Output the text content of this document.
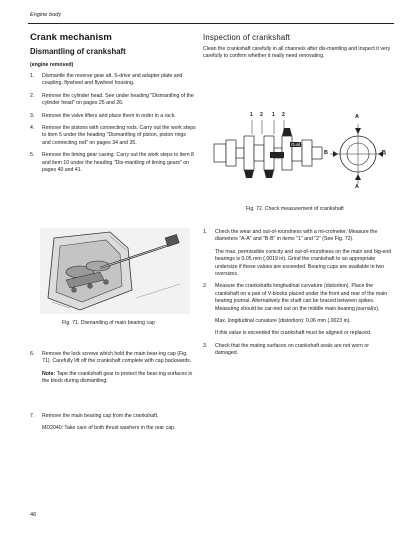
Engine body
Crank mechanism
Dismantling of crankshaft
(engine removed)
1.	Dismantle the reverse gear alt. S-drive and adapter plate and coupling, flywheel and flywheel housing.
2.	Remove the cylinder head. See under heading "Dismantling of the cylinder head" on pages 25 and 26.
3.	Remove the valve lifters and place them in order in a rack.
4.	Remove the pistons with connecting rods. Carry out the work steps to item 5 under the heading "Dismantling of piston, piston rings and connecting rod" on pages 34 and 35.
5.	Remove the timing gear casing. Carry out the work steps to item 8 and item 10 under the heading "Dis-mantling of timing gears" on pages 40 and 41.
Fig. 71. Dismantling of main bearing cap
6.	Remove the lock screws which hold the main bear-ing cap (Fig. 71). Carefully lift off the crankshaft complete with cap backwards.
Note: Tape the crankshaft gear to protect the bear-ing surfaces in the block during dismantling.
7.	Remove the main bearing cap from the crankshaft.
MD2040: Take care of both thrust washers in the rear cap.
Inspection of crankshaft
Clean the crankshaft carefully in all channels after dis-mantling and inspect it very carefully to confirm whether it really need renovating.
1 2 1 2	A
A
B	B
Guid
Fig. 72. Check measurement of crankshaft
1.	Check the wear and out-of-roundness with a mi-crometer. Measure the diameters "A-A" and "B-B" in items "1" and "2" (See Fig. 72).
The max. permissible conicity and out-of-roundness on the main and big-end bearings is 0.05 mm (.0019 in). Grind the crankshaft to an appropriate undersize if these values are exceeded. Bearing cups are available in two oversizes.
2.	Measure the crankshafts longitudinal curvature (distortion). Place the crankshaft on a pair of V-blocks placed under the front and rear of the main bearing journal. Alternatively the shaft can be braced between spikes. Measuring should be car-ried out on the middle main bearing journal(s).
Max. longitudinal curvature (distortion): 0.06 mm (.0023 in).
If this value is exceeded the crankshaft must be aligned or replaced.
3.	Check that the mating surfaces on crankshaft seals are not worn or damaged.
46
